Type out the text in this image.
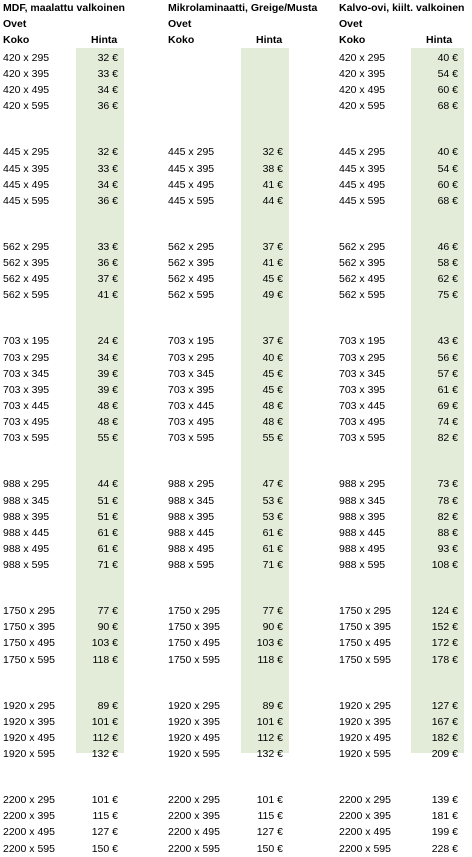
MDF, maalattu valkoinen
Ovet
Koko	Hinta
420 x 295	32 €
420 x 395	33 €
420 x 495	34 €
420 x 595	36 €
445 x 295	32 €
445 x 395	33 €
445 x 495	34 €
445 x 595	36 €
562 x 295	33 €
562 x 395	36 €
562 x 495	37 €
562 x 595	41 €
703 x 195	24 €
703 x 295	34 €
703 x 345	39 €
703 x 395	39 €
703 x 445	48 €
703 x 495	48 €
703 x 595	55 €
988 x 295	44 €
988 x 345	51 €
988 x 395	51 €
988 x 445	61 €
988 x 495	61 €
988 x 595	71 €
1750 x 295	77 €
1750 x 395	90 €
1750 x 495	103 €
1750 x 595	118 €
1920 x 295	89 €
1920 x 395	101 €
1920 x 495	112 €
1920 x 595	132 €
2200 x 295	101 €
2200 x 395	115 €
2200 x 495	127 €
2200 x 595	150 €
Mikrolaminaatti, Greige/Musta
Ovet
Koko	Hinta
445 x 295	32 €
445 x 395	38 €
445 x 495	41 €
445 x 595	44 €
562 x 295	37 €
562 x 395	41 €
562 x 495	45 €
562 x 595	49 €
703 x 195	37 €
703 x 295	40 €
703 x 345	45 €
703 x 395	45 €
703 x 445	48 €
703 x 495	48 €
703 x 595	55 €
988 x 295	47 €
988 x 345	53 €
988 x 395	53 €
988 x 445	61 €
988 x 495	61 €
988 x 595	71 €
1750 x 295	77 €
1750 x 395	90 €
1750 x 495	103 €
1750 x 595	118 €
1920 x 295	89 €
1920 x 395	101 €
1920 x 495	112 €
1920 x 595	132 €
2200 x 295	101 €
2200 x 395	115 €
2200 x 495	127 €
2200 x 595	150 €
Kalvo-ovi, kiilt. valkoinen
Ovet
Koko	Hinta
420 x 295	40 €
420 x 395	54 €
420 x 495	60 €
420 x 595	68 €
445 x 295	40 €
445 x 395	54 €
445 x 495	60 €
445 x 595	68 €
562 x 295	46 €
562 x 395	58 €
562 x 495	62 €
562 x 595	75 €
703 x 195	43 €
703 x 295	56 €
703 x 345	57 €
703 x 395	61 €
703 x 445	69 €
703 x 495	74 €
703 x 595	82 €
988 x 295	73 €
988 x 345	78 €
988 x 395	82 €
988 x 445	88 €
988 x 495	93 €
988 x 595	108 €
1750 x 295	124 €
1750 x 395	152 €
1750 x 495	172 €
1750 x 595	178 €
1920 x 295	127 €
1920 x 395	167 €
1920 x 495	182 €
1920 x 595	209 €
2200 x 295	139 €
2200 x 395	181 €
2200 x 495	199 €
2200 x 595	228 €
